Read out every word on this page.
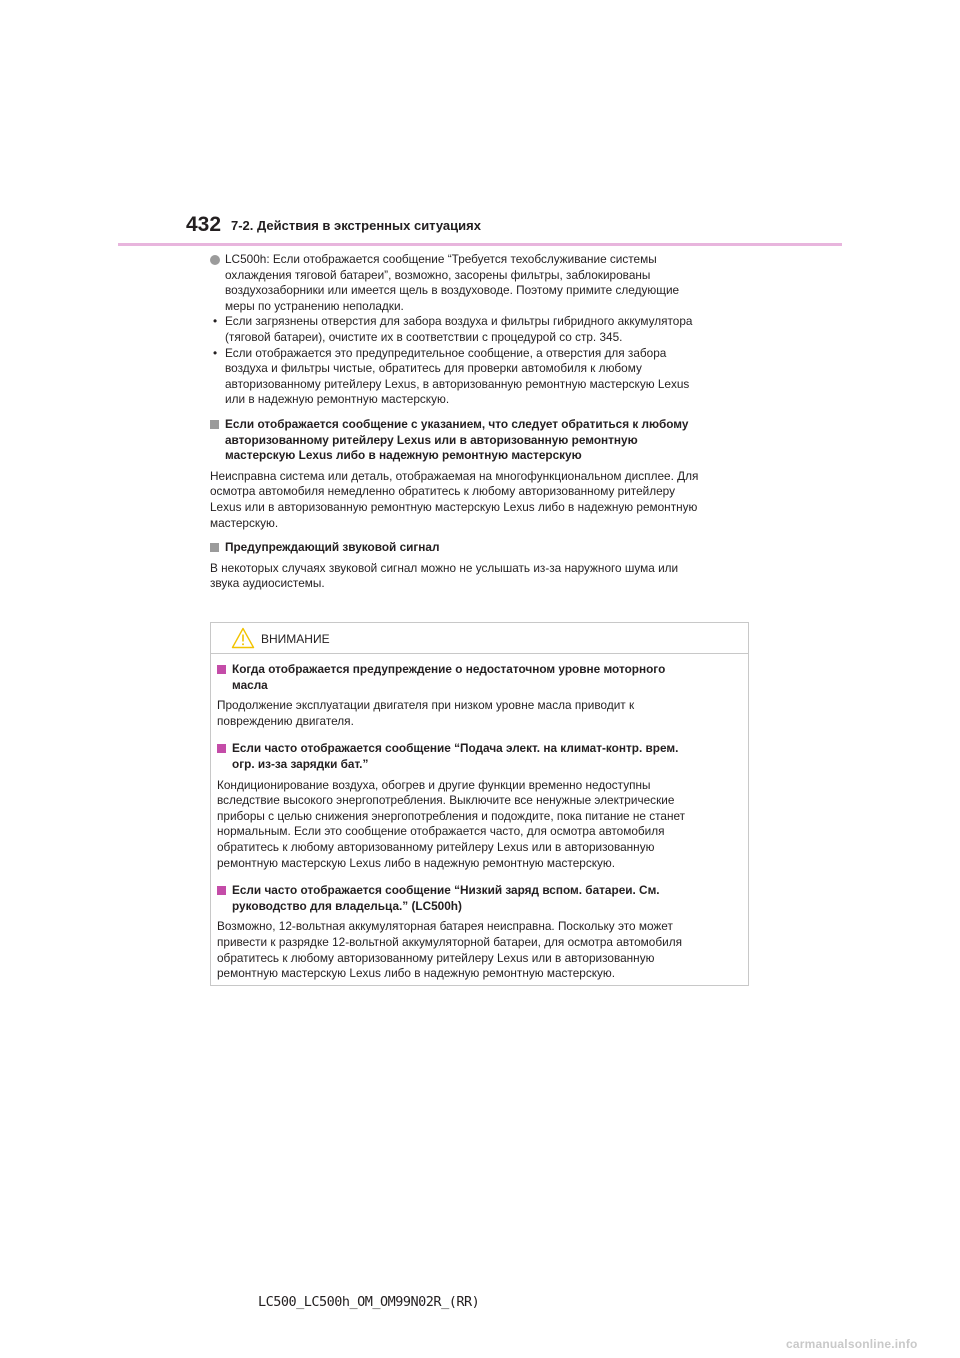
432 7-2. Действия в экстренных ситуациях
LC500h: Если отображается сообщение “Требуется техобслуживание системы
охлаждения тяговой батареи”, возможно, засорены фильтры, заблокированы
воздухозаборники или имеется щель в воздуховоде. Поэтому примите следующие
меры по устранению неполадки.
• Если загрязнены отверстия для забора воздуха и фильтры гибридного аккумулятора
(тяговой батареи), очистите их в соответствии с процедурой со стр. 345.
• Если отображается это предупредительное сообщение, а отверстия для забора
воздуха и фильтры чистые, обратитесь для проверки автомобиля к любому
авторизованному ритейлеру Lexus, в авторизованную ремонтную мастерскую Lexus
или в надежную ремонтную мастерскую.
Если отображается сообщение с указанием, что следует обратиться к любому
авторизованному ритейлеру Lexus или в авторизованную ремонтную
мастерскую Lexus либо в надежную ремонтную мастерскую
Неисправна система или деталь, отображаемая на многофункциональном дисплее. Для
осмотра автомобиля немедленно обратитесь к любому авторизованному ритейлеру
Lexus или в авторизованную ремонтную мастерскую Lexus либо в надежную ремонтную
мастерскую.
Предупреждающий звуковой сигнал
В некоторых случаях звуковой сигнал можно не услышать из-за наружного шума или
звука аудиосистемы.
ВНИМАНИЕ
Когда отображается предупреждение о недостаточном уровне моторного
масла
Продолжение эксплуатации двигателя при низком уровне масла приводит к
повреждению двигателя.
Если часто отображается сообщение “Подача элект. на климат-контр. врем.
огр. из-за зарядки бат.”
Кондиционирование воздуха, обогрев и другие функции временно недоступны
вследствие высокого энергопотребления. Выключите все ненужные электрические
приборы с целью снижения энергопотребления и подождите, пока питание не станет
нормальным. Если это сообщение отображается часто, для осмотра автомобиля
обратитесь к любому авторизованному ритейлеру Lexus или в авторизованную
ремонтную мастерскую Lexus либо в надежную ремонтную мастерскую.
Если часто отображается сообщение “Низкий заряд вспом. батареи. См.
руководство для владельца.” (LC500h)
Возможно, 12-вольтная аккумуляторная батарея неисправна. Поскольку это может
привести к разрядке 12-вольтной аккумуляторной батареи, для осмотра автомобиля
обратитесь к любому авторизованному ритейлеру Lexus или в авторизованную
ремонтную мастерскую Lexus либо в надежную ремонтную мастерскую.
LC500_LC500h_OM_OM99N02R_(RR)
carmanualsonline.info
